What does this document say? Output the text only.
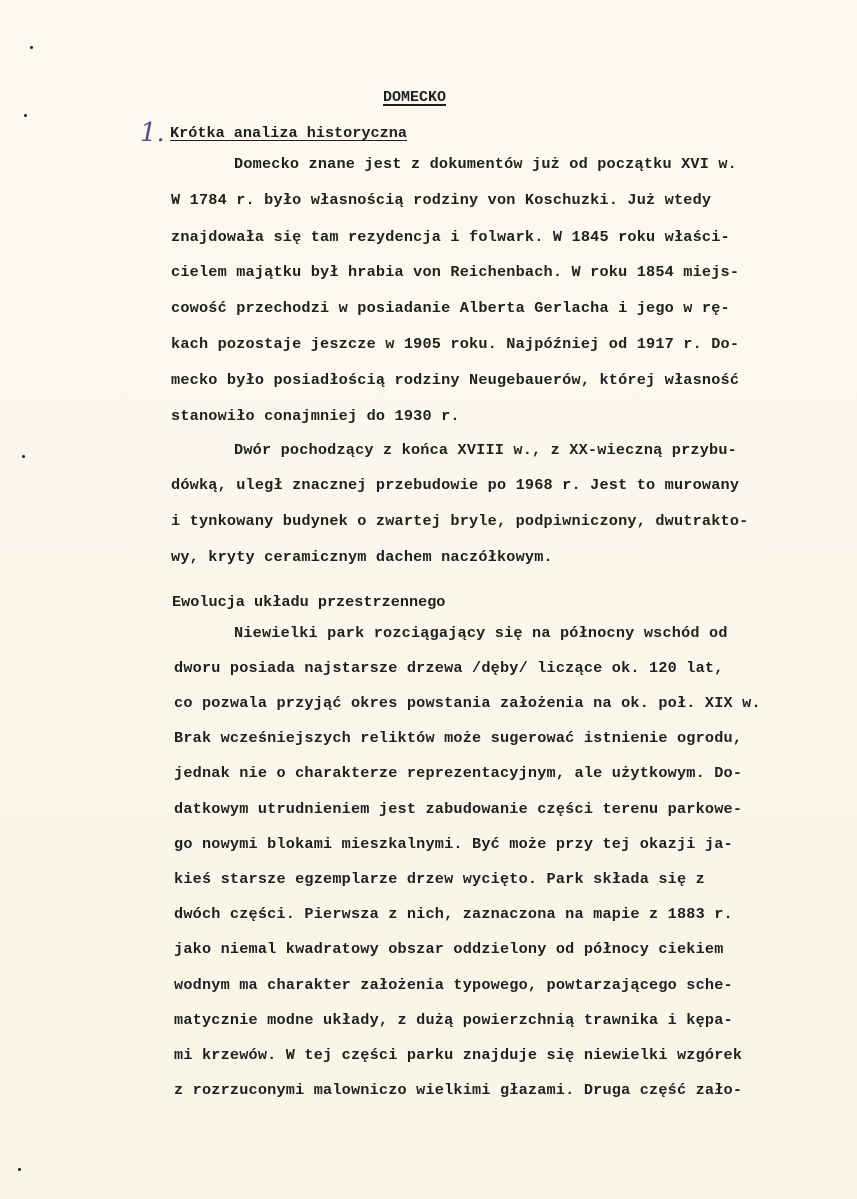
DOMECKO
1. Krótka analiza historyczna
Domecko znane jest z dokumentów już od początku XVI w.
W 1784 r. było własnością rodziny von Koschuzki. Już wtedy
znajdowała się tam rezydencja i folwark. W 1845 roku właści-
cielem majątku był hrabia von Reichenbach. W roku 1854 miejs-
cowość przechodzi w posiadanie Alberta Gerlacha i jego w rę-
kach pozostaje jeszcze w 1905 roku. Najpóźniej od 1917 r. Do-
mecko było posiadłością rodziny Neugebauerów, której własność
stanowiło conajmniej do 1930 r.
Dwór pochodzący z końca XVIII w., z XX-wieczną przybu-
dówką, uległ znacznej przebudowie po 1968 r. Jest to murowany
i tynkowany budynek o zwartej bryle, podpiwniczony, dwutrakto-
wy, kryty ceramicznym dachem naczółkowym.
Ewolucja układu przestrzennego
Niewielki park rozciągający się na północny wschód od
dworu posiada najstarsze drzewa /dęby/ liczące ok. 120 lat,
co pozwala przyjąć okres powstania założenia na ok. poł. XIX w.
Brak wcześniejszych reliktów może sugerować istnienie ogrodu,
jednak nie o charakterze reprezentacyjnym, ale użytkowym. Do-
datkowym utrudnieniem jest zabudowanie części terenu parkowe-
go nowymi blokami mieszkalnymi. Być może przy tej okazji ja-
kieś starsze egzemplarze drzew wycięto. Park składa się z
dwóch części. Pierwsza z nich, zaznaczona na mapie z 1883 r.
jako niemal kwadratowy obszar oddzielony od północy ciekiem
wodnym ma charakter założenia typowego, powtarzającego sche-
matycznie modne układy, z dużą powierzchnią trawnika i kępa-
mi krzewów. W tej części parku znajduje się niewielki wzgórek
z rozrzuconymi malowniczo wielkimi głazami. Druga część zało-
